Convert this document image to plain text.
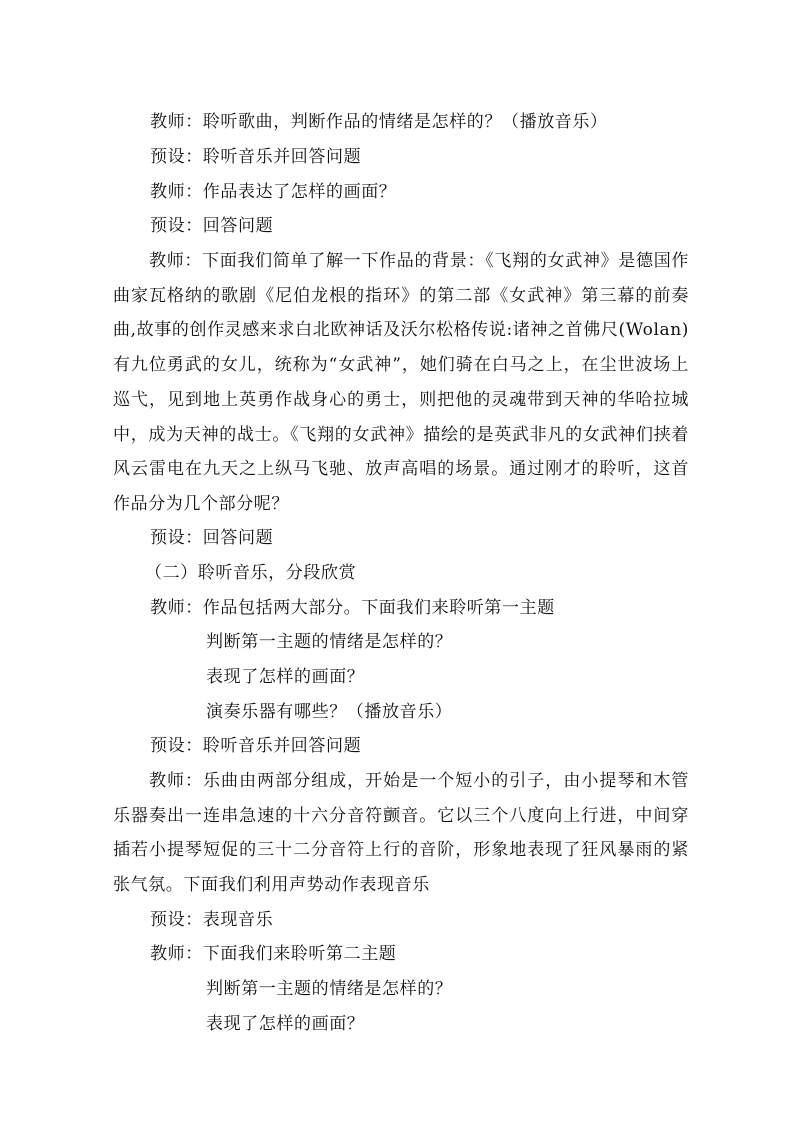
教师：聆听歌曲，判断作品的情绪是怎样的？（播放音乐）
预设：聆听音乐并回答问题
教师：作品表达了怎样的画面？
预设：回答问题
教师：下面我们简单了解一下作品的背景：《飞翔的女武神》是德国作曲家瓦格纳的歌剧《尼伯龙根的指环》的第二部《女武神》第三幕的前奏曲,故事的创作灵感来求白北欧神话及沃尔松格传说:诸神之首佛尺(Wolan)有九位勇武的女儿，统称为“女武神”，她们骑在白马之上，在尘世波场上巡弋，见到地上英勇作战身心的勇士，则把他的灵魂带到天神的华哈拉城中，成为天神的战士。《飞翔的女武神》描绘的是英武非凡的女武神们挟着风云雷电在九天之上纵马飞驰、放声高唱的场景。通过刚才的聆听，这首作品分为几个部分呢？
预设：回答问题
（二）聆听音乐，分段欣赏
教师：作品包括两大部分。下面我们来聆听第一主题
判断第一主题的情绪是怎样的？
表现了怎样的画面？
演奏乐器有哪些？（播放音乐）
预设：聆听音乐并回答问题
教师：乐曲由两部分组成，开始是一个短小的引子，由小提琴和木管乐器奏出一连串急速的十六分音符颤音。它以三个八度向上行进，中间穿插若小提琴短促的三十二分音符上行的音阶，形象地表现了狂风暴雨的紧张气氛。下面我们利用声势动作表现音乐
预设：表现音乐
教师：下面我们来聆听第二主题
判断第一主题的情绪是怎样的？
表现了怎样的画面？
